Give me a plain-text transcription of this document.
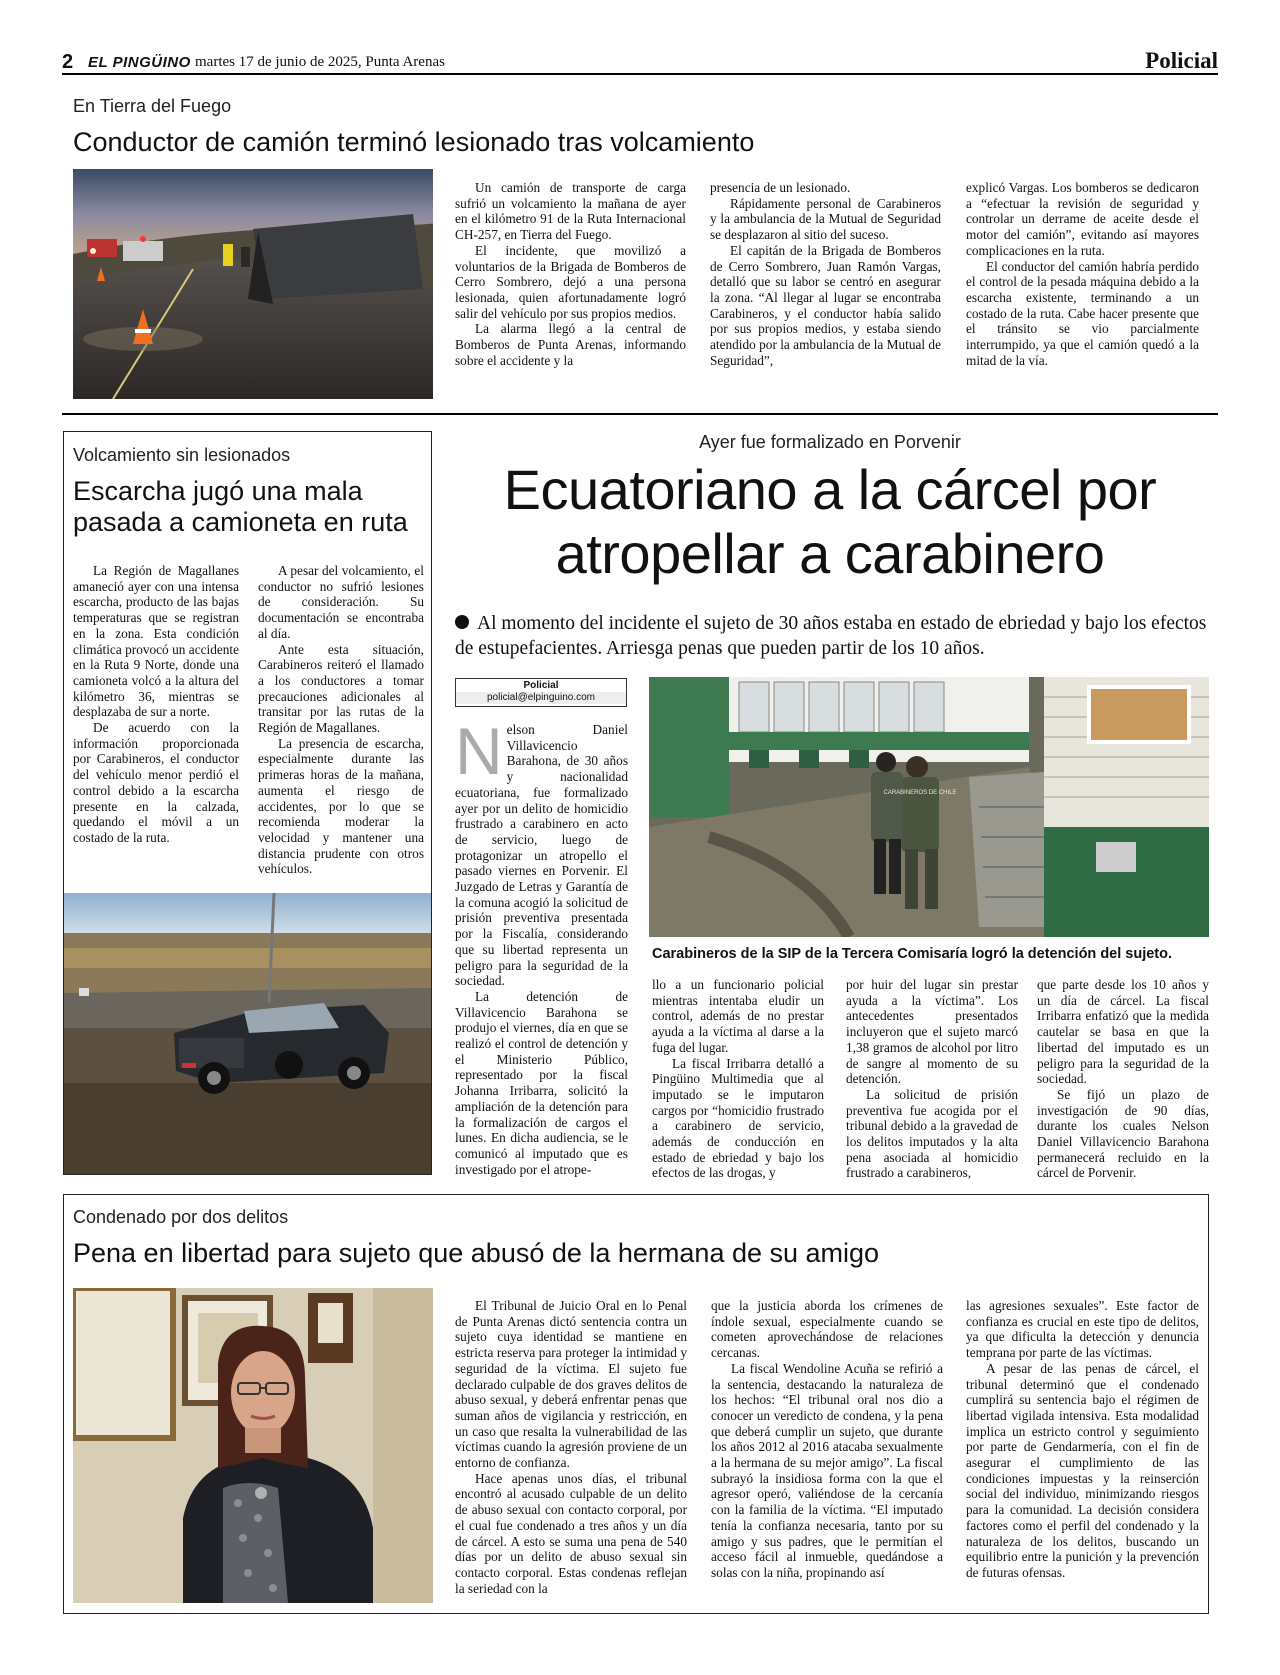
2 EL PINGÜINO martes 17 de junio de 2025, Punta Arenas	Policial
En Tierra del Fuego
Conductor de camión terminó lesionado tras volcamiento

Un camión de transporte de carga sufrió un volcamiento la mañana de ayer en el kilómetro 91 de la Ruta Internacional CH-257, en Tierra del Fuego.

El incidente, que movilizó a voluntarios de la Brigada de Bomberos de Cerro Sombrero, dejó a una persona lesionada, quien afortunadamente logró salir del vehículo por sus propios medios.

La alarma llegó a la central de Bomberos de Punta Arenas, informando sobre el accidente y la

presencia de un lesionado.

Rápidamente personal de Carabineros y la ambulancia de la Mutual de Seguridad se desplazaron al sitio del suceso.

El capitán de la Brigada de Bomberos de Cerro Sombrero, Juan Ramón Vargas, detalló que su labor se centró en asegurar la zona. “Al llegar al lugar se encontraba Carabineros, y el conductor había salido por sus propios medios, y estaba siendo atendido por la ambulancia de la Mutual de Seguridad”,

explicó Vargas. Los bomberos se dedicaron a “efectuar la revisión de seguridad y controlar un derrame de aceite desde el motor del camión”, evitando así mayores complicaciones en la ruta.

El conductor del camión habría perdido el control de la pesada máquina debido a la escarcha existente, terminando a un costado de la ruta. Cabe hacer presente que el tránsito se vio parcialmente interrumpido, ya que el camión quedó a la mitad de la vía.

Volcamiento sin lesionados
Escarcha jugó una mala pasada a camioneta en ruta

La Región de Magallanes amaneció ayer con una intensa escarcha, producto de las bajas temperaturas que se registran en la zona. Esta condición climática provocó un accidente en la Ruta 9 Norte, donde una camioneta volcó a la altura del kilómetro 36, mientras se desplazaba de sur a norte.

De acuerdo con la información proporcionada por Carabineros, el conductor del vehículo menor perdió el control debido a la escarcha presente en la calzada, quedando el móvil a un costado de la ruta.

A pesar del volcamiento, el conductor no sufrió lesiones de consideración. Su documentación se encontraba al día.

Ante esta situación, Carabineros reiteró el llamado a los conductores a tomar precauciones adicionales al transitar por las rutas de la Región de Magallanes.

La presencia de escarcha, especialmente durante las primeras horas de la mañana, aumenta el riesgo de accidentes, por lo que se recomienda moderar la velocidad y mantener una distancia prudente con otros vehículos.

Ayer fue formalizado en Porvenir
Ecuatoriano a la cárcel por atropellar a carabinero
Al momento del incidente el sujeto de 30 años estaba en estado de ebriedad y bajo los efectos de estupefacientes. Arriesga penas que pueden partir de los 10 años.
Policial
policial@elpinguino.com

Nelson Daniel Villavicencio Barahona, de 30 años y nacionalidad ecuatoriana, fue formalizado ayer por un delito de homicidio frustrado a carabinero en acto de servicio, luego de protagonizar un atropello el pasado viernes en Porvenir. El Juzgado de Letras y Garantía de la comuna acogió la solicitud de prisión preventiva presentada por la Fiscalía, considerando que su libertad representa un peligro para la seguridad de la sociedad.

La detención de Villavicencio Barahona se produjo el viernes, día en que se realizó el control de detención y el Ministerio Público, representado por la fiscal Johanna Irribarra, solicitó la ampliación de la detención para la formalización de cargos el lunes. En dicha audiencia, se le comunicó al imputado que es investigado por el atrope-

CARABINEROS DE CHILE
Carabineros de la SIP de la Tercera Comisaría logró la detención del sujeto.

llo a un funcionario policial mientras intentaba eludir un control, además de no prestar ayuda a la víctima al darse a la fuga del lugar.

La fiscal Irribarra detalló a Pingüino Multimedia que al imputado se le imputaron cargos por “homicidio frustrado a carabinero de servicio, además de conducción en estado de ebriedad y bajo los efectos de las drogas, y

por huir del lugar sin prestar ayuda a la víctima”. Los antecedentes presentados incluyeron que el sujeto marcó 1,38 gramos de alcohol por litro de sangre al momento de su detención.

La solicitud de prisión preventiva fue acogida por el tribunal debido a la gravedad de los delitos imputados y la alta pena asociada al homicidio frustrado a carabineros,

que parte desde los 10 años y un día de cárcel. La fiscal Irribarra enfatizó que la medida cautelar se basa en que la libertad del imputado es un peligro para la seguridad de la sociedad.

Se fijó un plazo de investigación de 90 días, durante los cuales Nelson Daniel Villavicencio Barahona permanecerá recluido en la cárcel de Porvenir.

Condenado por dos delitos
Pena en libertad para sujeto que abusó de la hermana de su amigo

El Tribunal de Juicio Oral en lo Penal de Punta Arenas dictó sentencia contra un sujeto cuya identidad se mantiene en estricta reserva para proteger la intimidad y seguridad de la víctima. El sujeto fue declarado culpable de dos graves delitos de abuso sexual, y deberá enfrentar penas que suman años de vigilancia y restricción, en un caso que resalta la vulnerabilidad de las víctimas cuando la agresión proviene de un entorno de confianza.

Hace apenas unos días, el tribunal encontró al acusado culpable de un delito de abuso sexual con contacto corporal, por el cual fue condenado a tres años y un día de cárcel. A esto se suma una pena de 540 días por un delito de abuso sexual sin contacto corporal. Estas condenas reflejan la seriedad con la

que la justicia aborda los crímenes de índole sexual, especialmente cuando se cometen aprovechándose de relaciones cercanas.

La fiscal Wendoline Acuña se refirió a la sentencia, destacando la naturaleza de los hechos: “El tribunal oral nos dio a conocer un veredicto de condena, y la pena que deberá cumplir un sujeto, que durante los años 2012 al 2016 atacaba sexualmente a la hermana de su mejor amigo”. La fiscal subrayó la insidiosa forma con la que el agresor operó, valiéndose de la cercanía con la familia de la víctima. “El imputado tenía la confianza necesaria, tanto por su amigo y sus padres, que le permitían el acceso fácil al inmueble, quedándose a solas con la niña, propinando así

las agresiones sexuales”. Este factor de confianza es crucial en este tipo de delitos, ya que dificulta la detección y denuncia temprana por parte de las víctimas.

A pesar de las penas de cárcel, el tribunal determinó que el condenado cumplirá su sentencia bajo el régimen de libertad vigilada intensiva. Esta modalidad implica un estricto control y seguimiento por parte de Gendarmería, con el fin de asegurar el cumplimiento de las condiciones impuestas y la reinserción social del individuo, minimizando riesgos para la comunidad. La decisión considera factores como el perfil del condenado y la naturaleza de los delitos, buscando un equilibrio entre la punición y la prevención de futuras ofensas.
